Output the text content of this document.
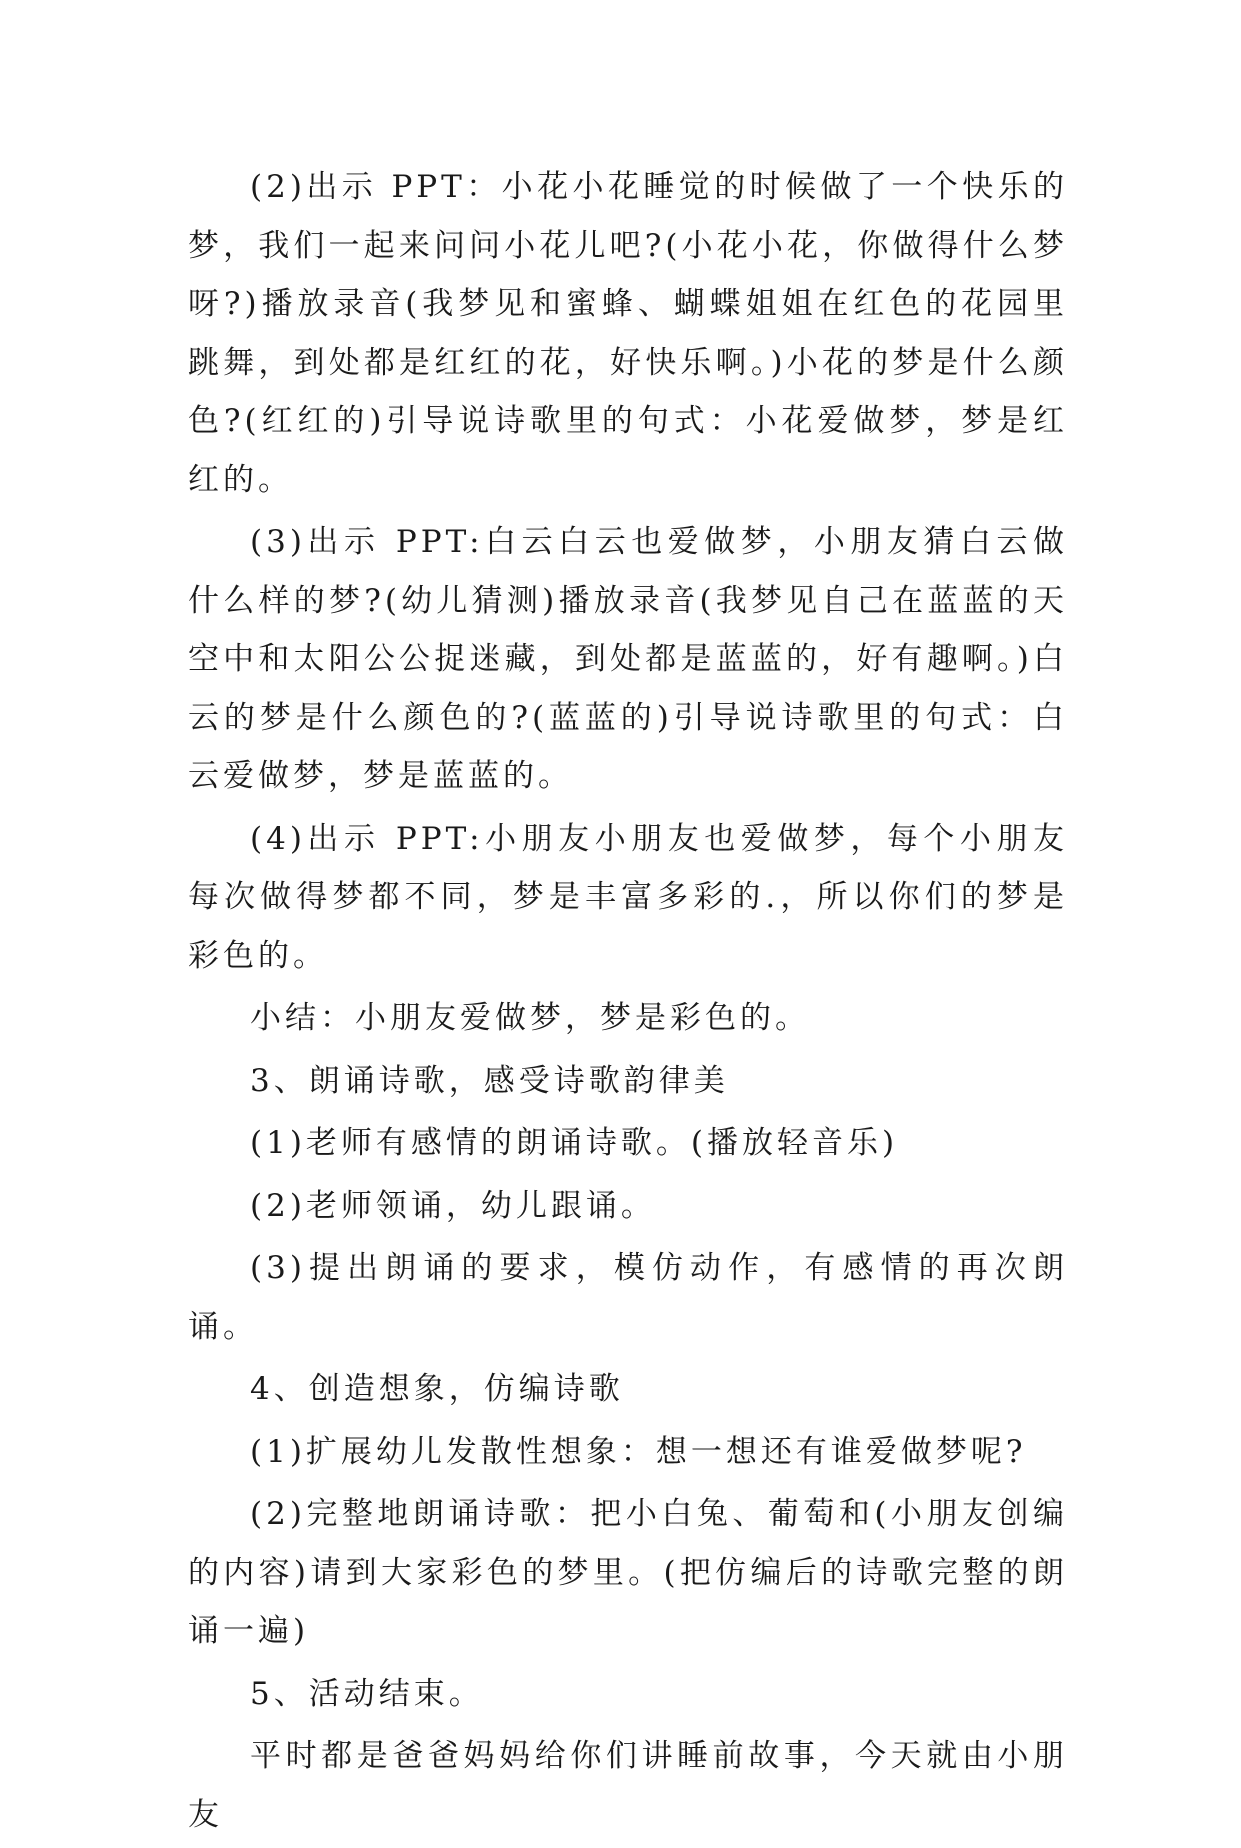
(2)出示 PPT：小花小花睡觉的时候做了一个快乐的梦，我们一起来问问小花儿吧?(小花小花，你做得什么梦呀?)播放录音(我梦见和蜜蜂、蝴蝶姐姐在红色的花园里跳舞，到处都是红红的花，好快乐啊。)小花的梦是什么颜色?(红红的)引导说诗歌里的句式：小花爱做梦，梦是红红的。

(3)出示 PPT:白云白云也爱做梦，小朋友猜白云做什么样的梦?(幼儿猜测)播放录音(我梦见自己在蓝蓝的天空中和太阳公公捉迷藏，到处都是蓝蓝的，好有趣啊。)白云的梦是什么颜色的?(蓝蓝的)引导说诗歌里的句式：白云爱做梦，梦是蓝蓝的。

(4)出示 PPT:小朋友小朋友也爱做梦，每个小朋友每次做得梦都不同，梦是丰富多彩的.，所以你们的梦是彩色的。

小结：小朋友爱做梦，梦是彩色的。

3、朗诵诗歌，感受诗歌韵律美

(1)老师有感情的朗诵诗歌。(播放轻音乐)

(2)老师领诵，幼儿跟诵。

(3)提出朗诵的要求，模仿动作，有感情的再次朗诵。

4、创造想象，仿编诗歌

(1)扩展幼儿发散性想象：想一想还有谁爱做梦呢?

(2)完整地朗诵诗歌：把小白兔、葡萄和(小朋友创编的内容)请到大家彩色的梦里。(把仿编后的诗歌完整的朗诵一遍)

5、活动结束。

平时都是爸爸妈妈给你们讲睡前故事，今天就由小朋友
